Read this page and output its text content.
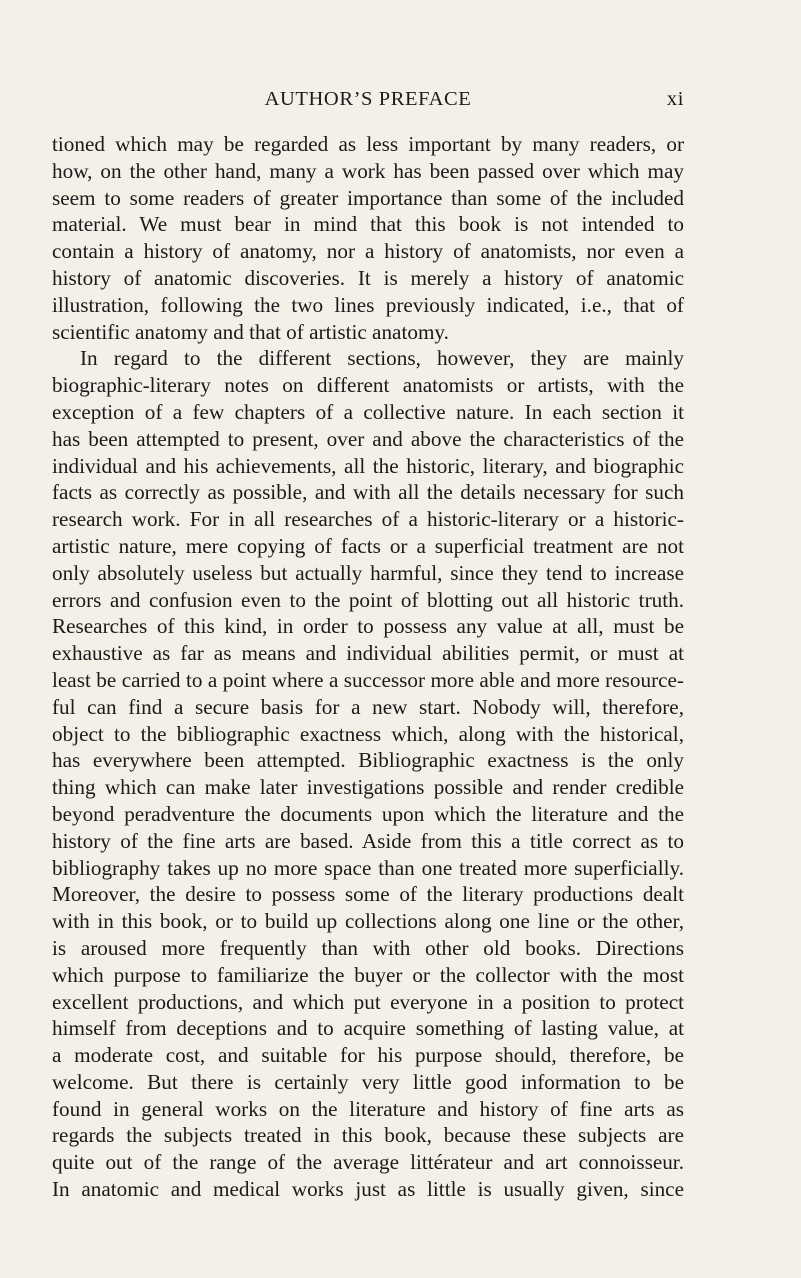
AUTHOR’S PREFACE	xi
tioned which may be regarded as less important by many readers, or
how, on the other hand, many a work has been passed over which may
seem to some readers of greater importance than some of the included
material. We must bear in mind that this book is not intended to
contain a history of anatomy, nor a history of anatomists, nor even a
history of anatomic discoveries. It is merely a history of anatomic
illustration, following the two lines previously indicated, i.e., that of
scientific anatomy and that of artistic anatomy.
In regard to the different sections, however, they are mainly
biographic-literary notes on different anatomists or artists, with the
exception of a few chapters of a collective nature. In each section it
has been attempted to present, over and above the characteristics of the
individual and his achievements, all the historic, literary, and biographic
facts as correctly as possible, and with all the details necessary for such
research work. For in all researches of a historic-literary or a historic-
artistic nature, mere copying of facts or a superficial treatment are not
only absolutely useless but actually harmful, since they tend to increase
errors and confusion even to the point of blotting out all historic truth.
Researches of this kind, in order to possess any value at all, must be
exhaustive as far as means and individual abilities permit, or must at
least be carried to a point where a successor more able and more resource-
ful can find a secure basis for a new start. Nobody will, therefore,
object to the bibliographic exactness which, along with the historical,
has everywhere been attempted. Bibliographic exactness is the only
thing which can make later investigations possible and render credible
beyond peradventure the documents upon which the literature and the
history of the fine arts are based. Aside from this a title correct as to
bibliography takes up no more space than one treated more superficially.
Moreover, the desire to possess some of the literary productions dealt
with in this book, or to build up collections along one line or the other,
is aroused more frequently than with other old books. Directions
which purpose to familiarize the buyer or the collector with the most
excellent productions, and which put everyone in a position to protect
himself from deceptions and to acquire something of lasting value, at
a moderate cost, and suitable for his purpose should, therefore, be
welcome. But there is certainly very little good information to be
found in general works on the literature and history of fine arts as
regards the subjects treated in this book, because these subjects are
quite out of the range of the average littérateur and art connoisseur.
In anatomic and medical works just as little is usually given, since
